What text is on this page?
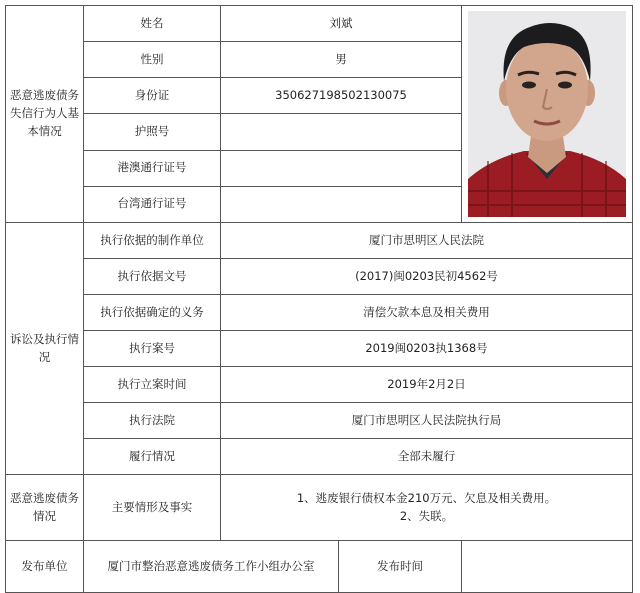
恶意逃废债务失信行为人基本情况	姓名	刘斌	

	性别	男		
	身份证	350627198502130075		
	护照号			
	港澳通行证号			
	台湾通行证号			
诉讼及执行情况	执行依据的制作单位	厦门市思明区人民法院		
	执行依据文号	(2017)闽0203民初4562号		
	执行依据确定的义务	清偿欠款本息及相关费用		
	执行案号	2019闽0203执1368号		
	执行立案时间	2019年2月2日		
	执行法院	厦门市思明区人民法院执行局		
	履行情况	全部未履行		
恶意逃废债务情况	主要情形及事实	1、逃废银行债权本金210万元、欠息及相关费用。
2、失联。		

发布单位	厦门市整治恶意逃废债务工作小组办公室		发布时间	
